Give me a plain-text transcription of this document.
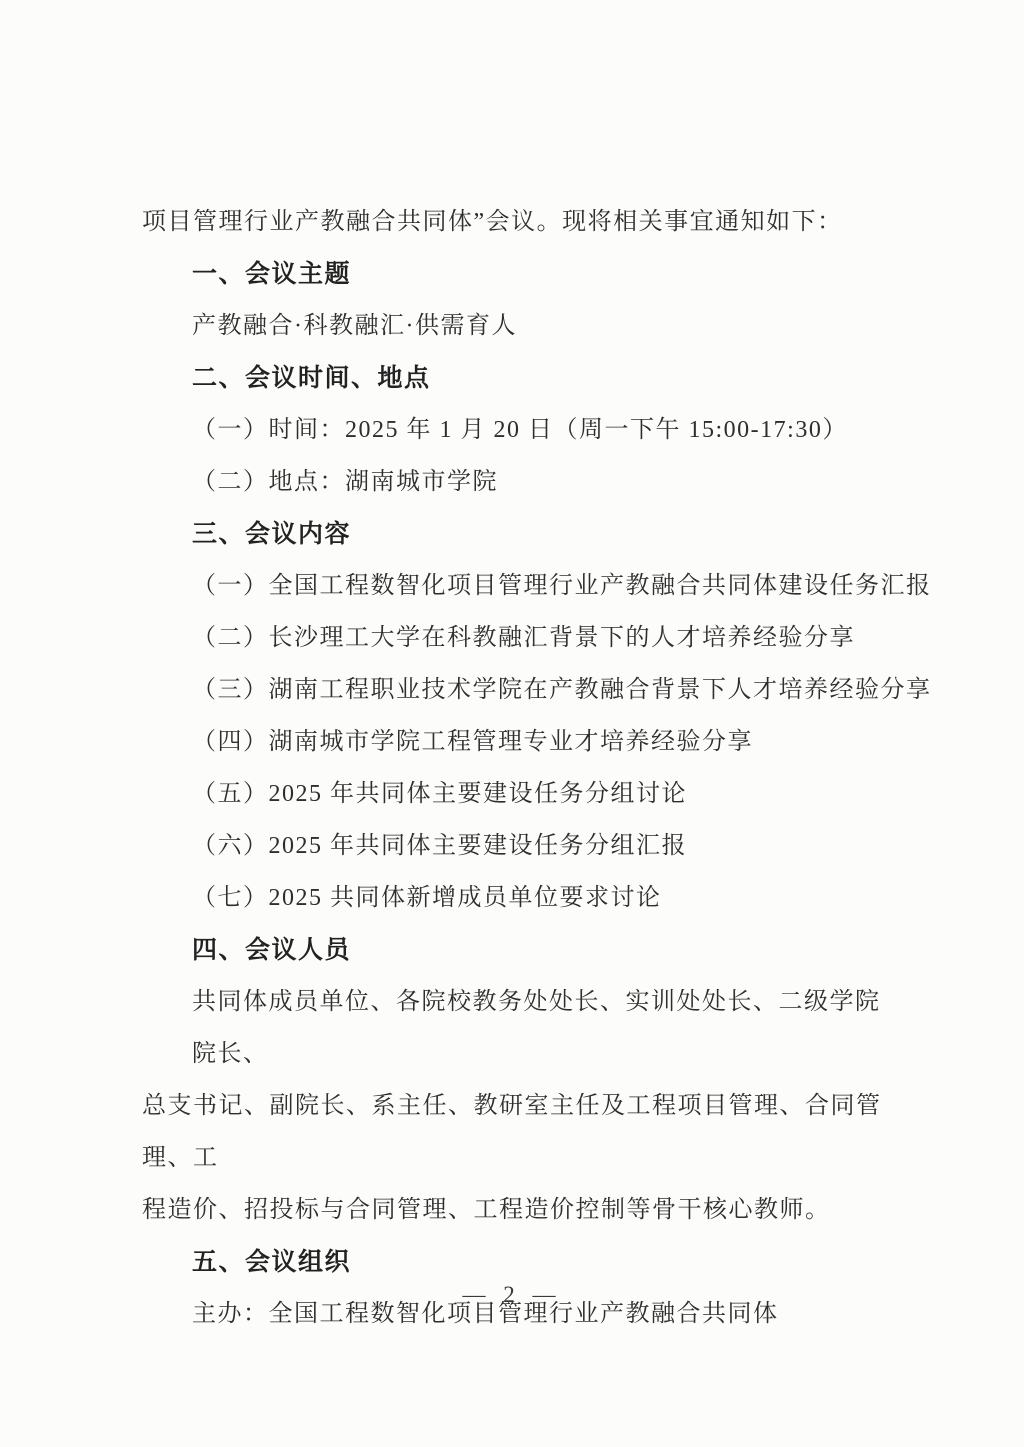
项目管理行业产教融合共同体”会议。现将相关事宜通知如下：
一、会议主题
产教融合·科教融汇·供需育人
二、会议时间、地点
（一）时间：2025 年 1 月 20 日（周一下午 15:00-17:30）
（二）地点：湖南城市学院
三、会议内容
（一）全国工程数智化项目管理行业产教融合共同体建设任务汇报
（二）长沙理工大学在科教融汇背景下的人才培养经验分享
（三）湖南工程职业技术学院在产教融合背景下人才培养经验分享
（四）湖南城市学院工程管理专业才培养经验分享
（五）2025 年共同体主要建设任务分组讨论
（六）2025 年共同体主要建设任务分组汇报
（七）2025 共同体新增成员单位要求讨论
四、会议人员
共同体成员单位、各院校教务处处长、实训处处长、二级学院院长、
总支书记、副院长、系主任、教研室主任及工程项目管理、合同管理、工
程造价、招投标与合同管理、工程造价控制等骨干核心教师。
五、会议组织
主办：全国工程数智化项目管理行业产教融合共同体
— 2 —
